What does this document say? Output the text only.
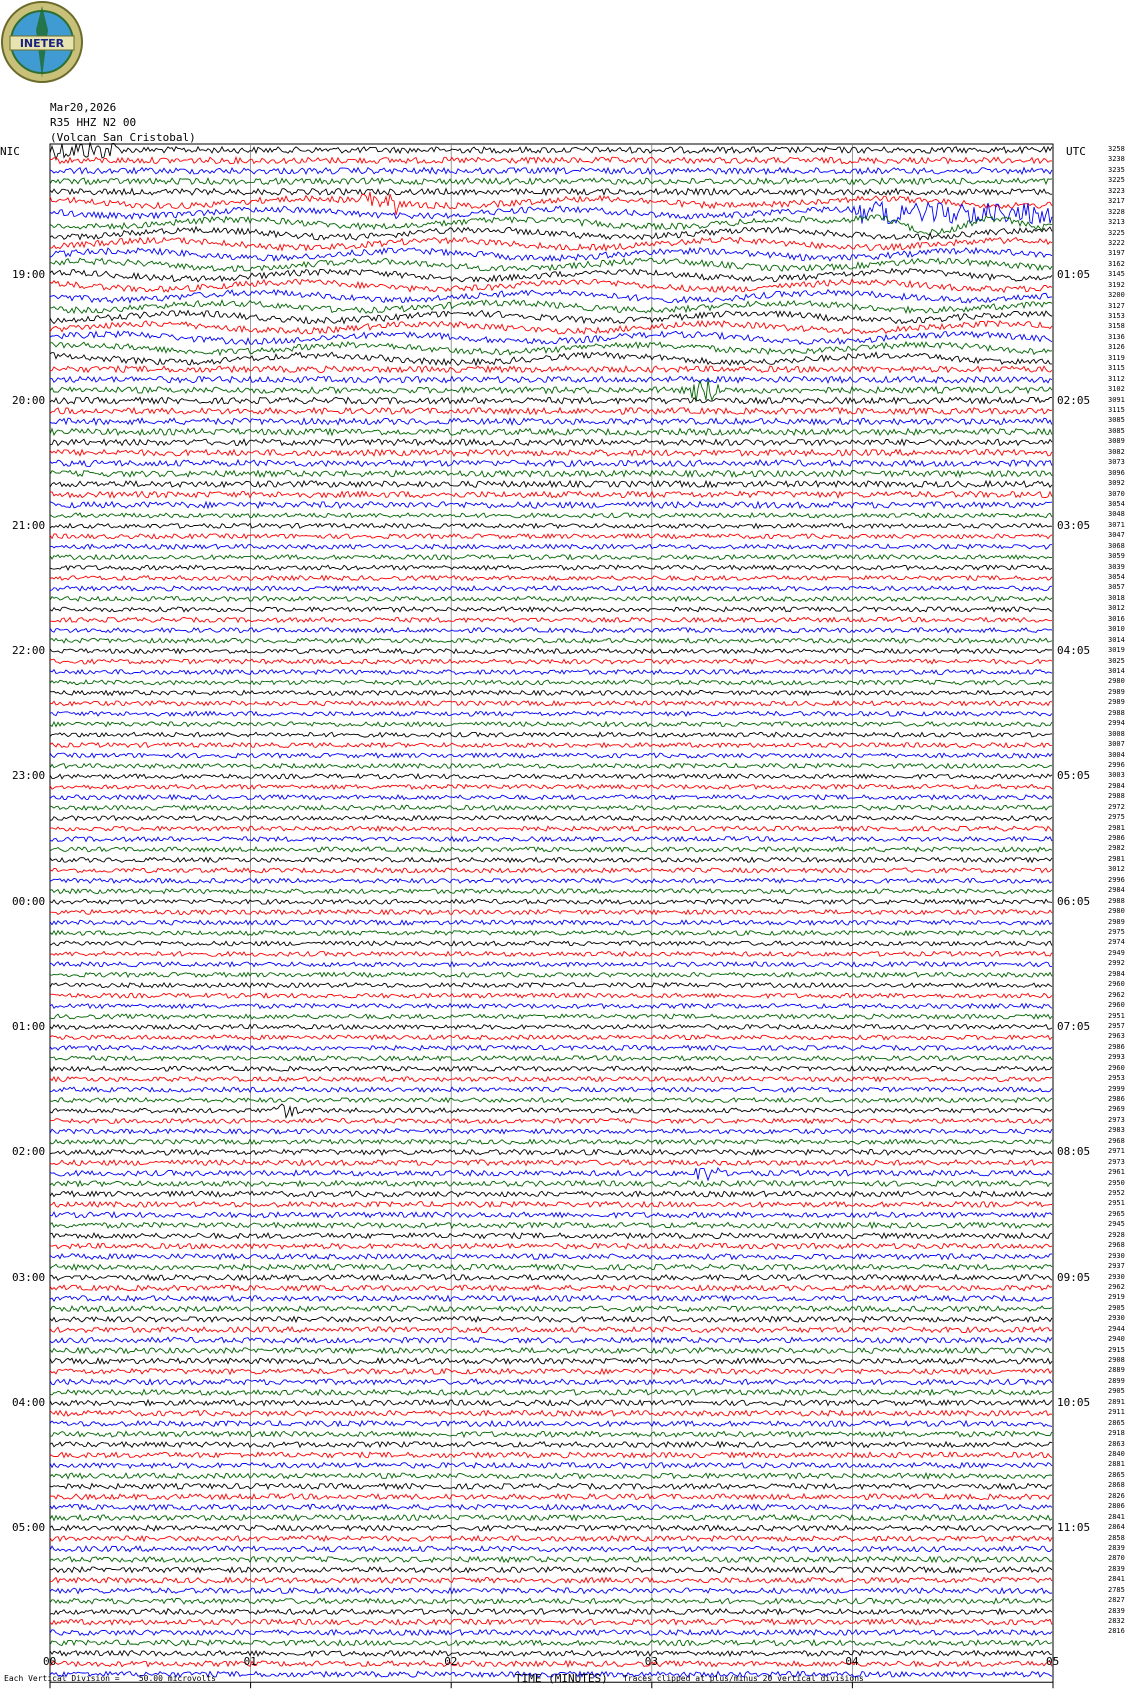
INETER
Mar20,2026
R35 HHZ N2 00
(Volcan San Cristobal)
NIC	UTC
19:00
20:00
21:00
22:00
23:00
00:00
01:00
02:00
03:00
04:00
05:00
01:05
02:05
03:05
04:05
05:05
06:05
07:05
08:05
09:05
10:05
11:05
3258
3238
3235
3225
3223
3217
3228
3213
3225
3222
3197
3162
3145
3192
3200
3127
3153
3158
3136
3126
3119
3115
3112
3102
3091
3115
3085
3085
3089
3082
3073
3096
3092
3070
3054
3048
3071
3047
3068
3059
3039
3054
3057
3018
3012
3016
3010
3014
3019
3025
3014
2980
2989
2989
2988
2994
3008
3007
3004
2996
3003
2984
2988
2972
2975
2981
2986
2982
2981
3012
2996
2984
2988
2980
2989
2975
2974
2949
2992
2984
2960
2962
2960
2951
2957
2963
2986
2993
2960
2953
2999
2986
2969
2973
2983
2968
2971
2973
2961
2950
2952
2951
2965
2945
2928
2968
2930
2937
2930
2962
2919
2905
2930
2944
2940
2915
2908
2889
2899
2905
2891
2911
2865
2918
2863
2840
2881
2865
2868
2826
2806
2841
2864
2858
2839
2870
2839
2841
2785
2827
2839
2832
2816
00	01	02	03	04	05
TIME (MINUTES)
Each Vertical Division =    50.00 microvolts	Traces clipped at plus/minus 20 vertical divisions
